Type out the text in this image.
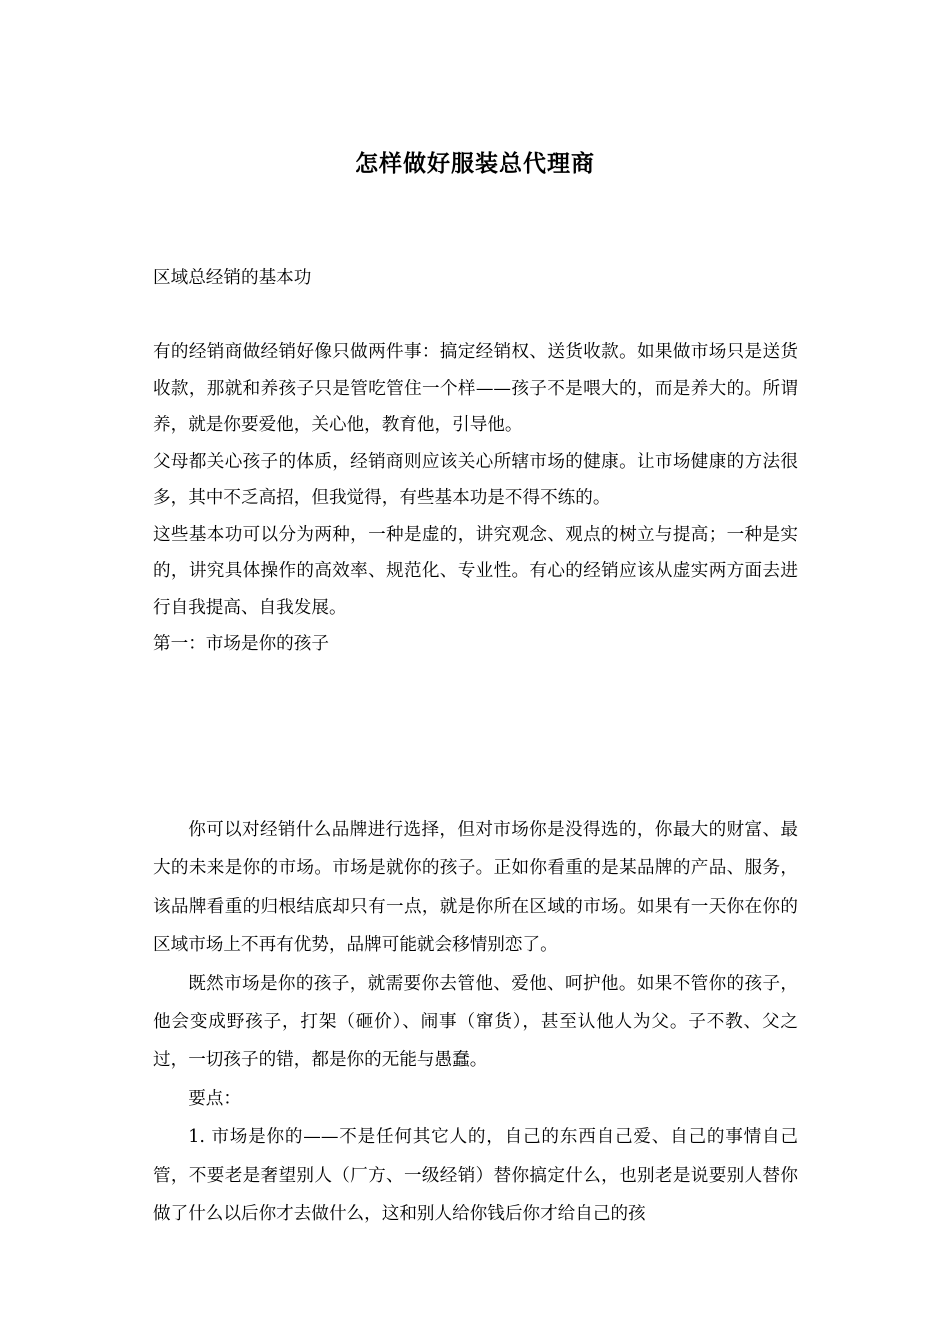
怎样做好服装总代理商
区域总经销的基本功

有的经销商做经销好像只做两件事：搞定经销权、送货收款。如果做市场只是送货收款，那就和养孩子只是管吃管住一个样——孩子不是喂大的，而是养大的。所谓养，就是你要爱他，关心他，教育他，引导他。

父母都关心孩子的体质，经销商则应该关心所辖市场的健康。让市场健康的方法很多，其中不乏高招，但我觉得，有些基本功是不得不练的。

这些基本功可以分为两种，一种是虚的，讲究观念、观点的树立与提高；一种是实的，讲究具体操作的高效率、规范化、专业性。有心的经销应该从虚实两方面去进行自我提高、自我发展。

第一：市场是你的孩子

你可以对经销什么品牌进行选择，但对市场你是没得选的，你最大的财富、最大的未来是你的市场。市场是就你的孩子。正如你看重的是某品牌的产品、服务，该品牌看重的归根结底却只有一点，就是你所在区域的市场。如果有一天你在你的区域市场上不再有优势，品牌可能就会移情别恋了。

既然市场是你的孩子，就需要你去管他、爱他、呵护他。如果不管你的孩子，他会变成野孩子，打架（砸价）、闹事（窜货），甚至认他人为父。子不教、父之过，一切孩子的错，都是你的无能与愚蠢。

要点：

1. 市场是你的——不是任何其它人的，自己的东西自己爱、自己的事情自己管，不要老是奢望别人（厂方、一级经销）替你搞定什么，也别老是说要别人替你做了什么以后你才去做什么，这和别人给你钱后你才给自己的孩
